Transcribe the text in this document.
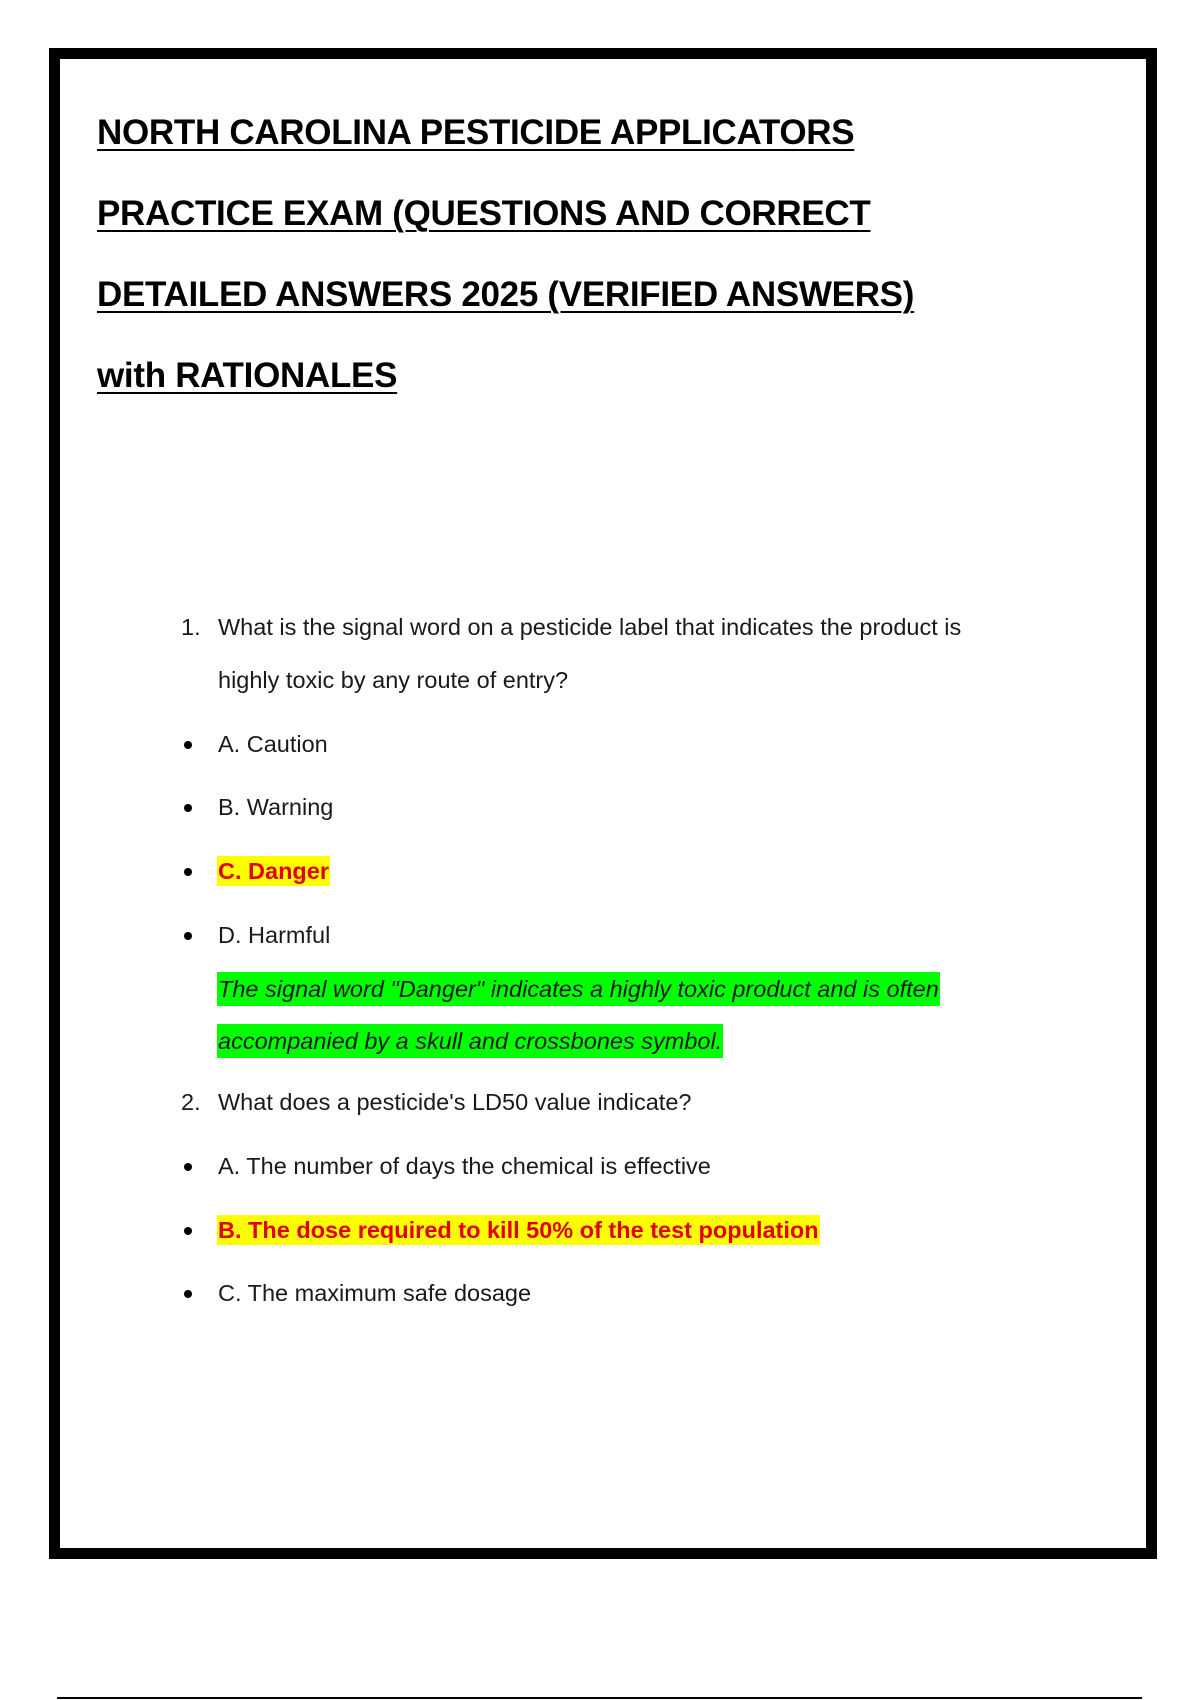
NORTH CAROLINA PESTICIDE APPLICATORS
PRACTICE EXAM (QUESTIONS AND CORRECT
DETAILED ANSWERS 2025 (VERIFIED ANSWERS)
with RATIONALES
1. What is the signal word on a pesticide label that indicates the product is
highly toxic by any route of entry?
A. Caution
B. Warning
C. Danger
D. Harmful
The signal word "Danger" indicates a highly toxic product and is often
accompanied by a skull and crossbones symbol.
2. What does a pesticide's LD50 value indicate?
A. The number of days the chemical is effective
B. The dose required to kill 50% of the test population
C. The maximum safe dosage
